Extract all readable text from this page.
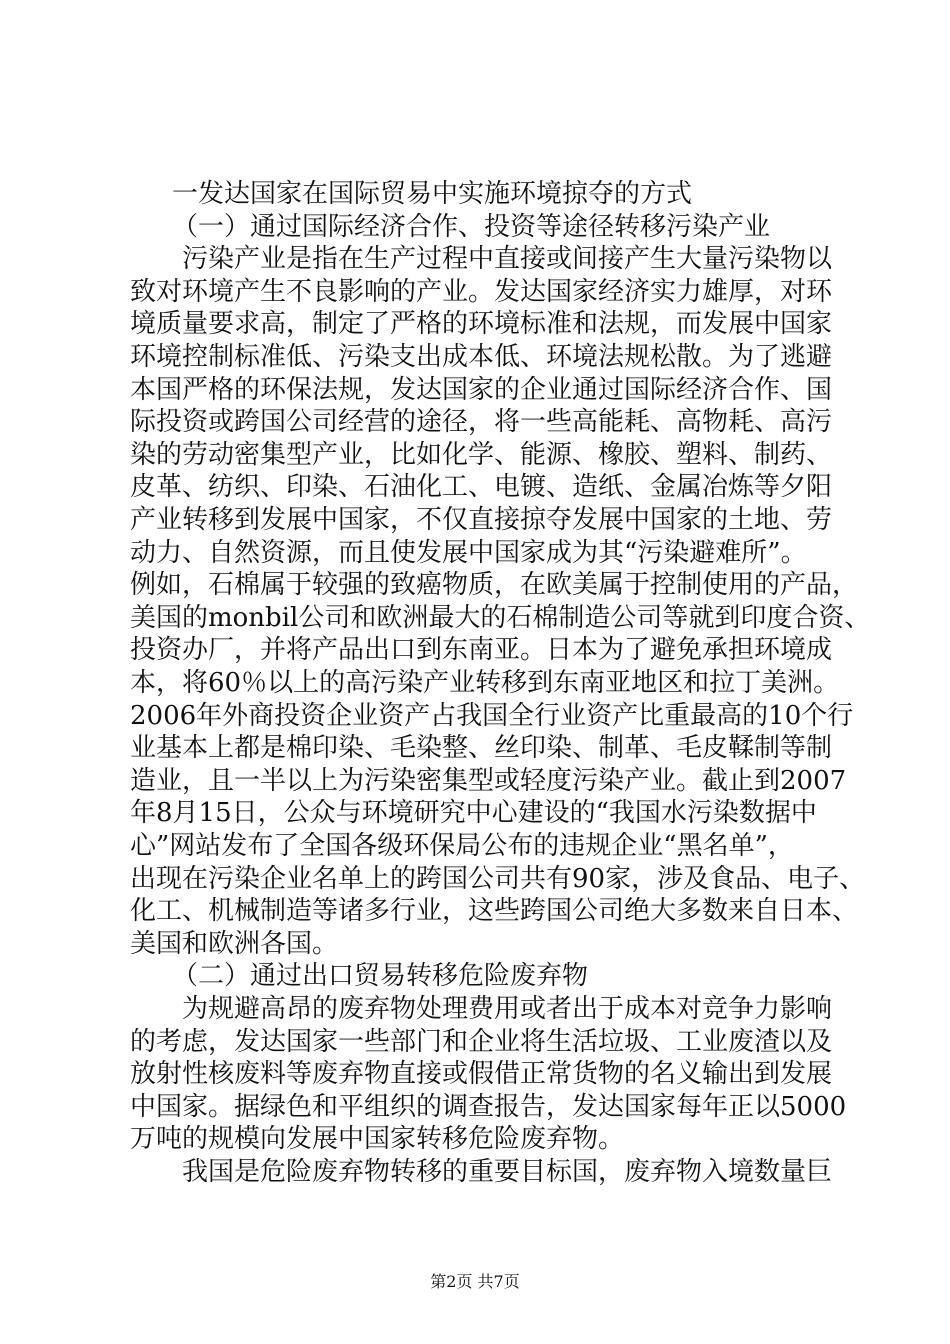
一发达国家在国际贸易中实施环境掠夺的方式
（一）通过国际经济合作、投资等途径转移污染产业
污染产业是指在生产过程中直接或间接产生大量污染物以
致对环境产生不良影响的产业。发达国家经济实力雄厚，对环
境质量要求高，制定了严格的环境标准和法规，而发展中国家
环境控制标准低、污染支出成本低、环境法规松散。为了逃避
本国严格的环保法规，发达国家的企业通过国际经济合作、国
际投资或跨国公司经营的途径，将一些高能耗、高物耗、高污
染的劳动密集型产业，比如化学、能源、橡胶、塑料、制药、
皮革、纺织、印染、石油化工、电镀、造纸、金属冶炼等夕阳
产业转移到发展中国家，不仅直接掠夺发展中国家的土地、劳
动力、自然资源，而且使发展中国家成为其“污染避难所”。
例如，石棉属于较强的致癌物质，在欧美属于控制使用的产品，
美国的monbil公司和欧洲最大的石棉制造公司等就到印度合资、
投资办厂，并将产品出口到东南亚。日本为了避免承担环境成
本，将60％以上的高污染产业转移到东南亚地区和拉丁美洲。
2006年外商投资企业资产占我国全行业资产比重最高的10个行
业基本上都是棉印染、毛染整、丝印染、制革、毛皮鞣制等制
造业，且一半以上为污染密集型或轻度污染产业。截止到2007
年8月15日，公众与环境研究中心建设的“我国水污染数据中
心”网站发布了全国各级环保局公布的违规企业“黑名单”，
出现在污染企业名单上的跨国公司共有90家，涉及食品、电子、
化工、机械制造等诸多行业，这些跨国公司绝大多数来自日本、
美国和欧洲各国。
（二）通过出口贸易转移危险废弃物
为规避高昂的废弃物处理费用或者出于成本对竞争力影响
的考虑，发达国家一些部门和企业将生活垃圾、工业废渣以及
放射性核废料等废弃物直接或假借正常货物的名义输出到发展
中国家。据绿色和平组织的调查报告，发达国家每年正以5000
万吨的规模向发展中国家转移危险废弃物。
我国是危险废弃物转移的重要目标国，废弃物入境数量巨
第2页 共7页
